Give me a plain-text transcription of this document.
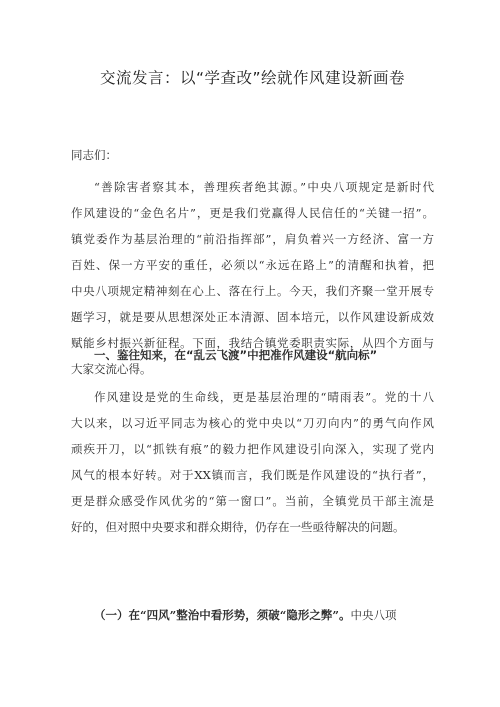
交流发言：以“学查改”绘就作风建设新画卷

同志们：

“善除害者察其本，善理疾者绝其源。”中央八项规定是新时代
作风建设的“金色名片”，更是我们党赢得人民信任的“关键一招”。
镇党委作为基层治理的“前沿指挥部”，肩负着兴一方经济、富一方
百姓、保一方平安的重任，必须以“永远在路上”的清醒和执着，把
中央八项规定精神刻在心上、落在行上。今天，我们齐聚一堂开展专
题学习，就是要从思想深处正本清源、固本培元，以作风建设新成效
赋能乡村振兴新征程。下面，我结合镇党委职责实际，从四个方面与
大家交流心得。
一、鉴往知来，在“乱云飞渡”中把准作风建设“航向标”
作风建设是党的生命线，更是基层治理的“晴雨表”。党的十八
大以来，以习近平同志为核心的党中央以“刀刃向内”的勇气向作风
顽疾开刀，以“抓铁有痕”的毅力把作风建设引向深入，实现了党内
风气的根本好转。对于XX镇而言，我们既是作风建设的“执行者”，
更是群众感受作风优劣的“第一窗口”。当前，全镇党员干部主流是
好的，但对照中央要求和群众期待，仍存在一些亟待解决的问题。
（一）在“四风”整治中看形势，须破“隐形之弊”。中央八项
